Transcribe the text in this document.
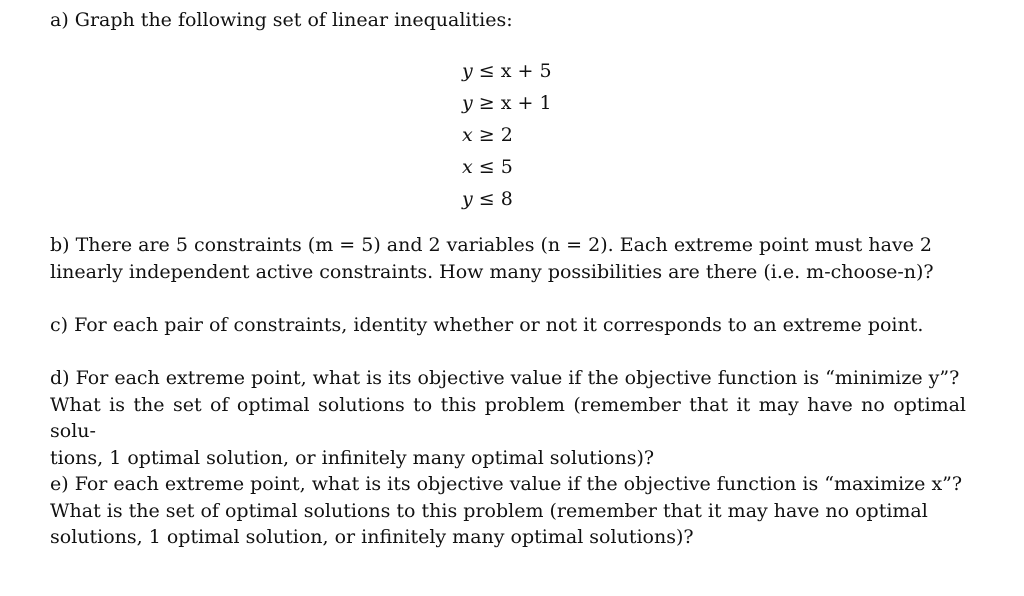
a) Graph the following set of linear inequalities:
y ≤ x + 5
y ≥ x + 1
x ≥ 2
x ≤ 5
y ≤ 8
b) There are 5 constraints (m = 5) and 2 variables (n = 2). Each extreme point must have 2
linearly independent active constraints. How many possibilities are there (i.e. m-choose-n)?
c) For each pair of constraints, identity whether or not it corresponds to an extreme point.
d) For each extreme point, what is its objective value if the objective function is “minimize y”?
What is the set of optimal solutions to this problem (remember that it may have no optimal solu-
tions, 1 optimal solution, or infinitely many optimal solutions)?
e) For each extreme point, what is its objective value if the objective function is “maximize x”?
What is the set of optimal solutions to this problem (remember that it may have no optimal
solutions, 1 optimal solution, or infinitely many optimal solutions)?
